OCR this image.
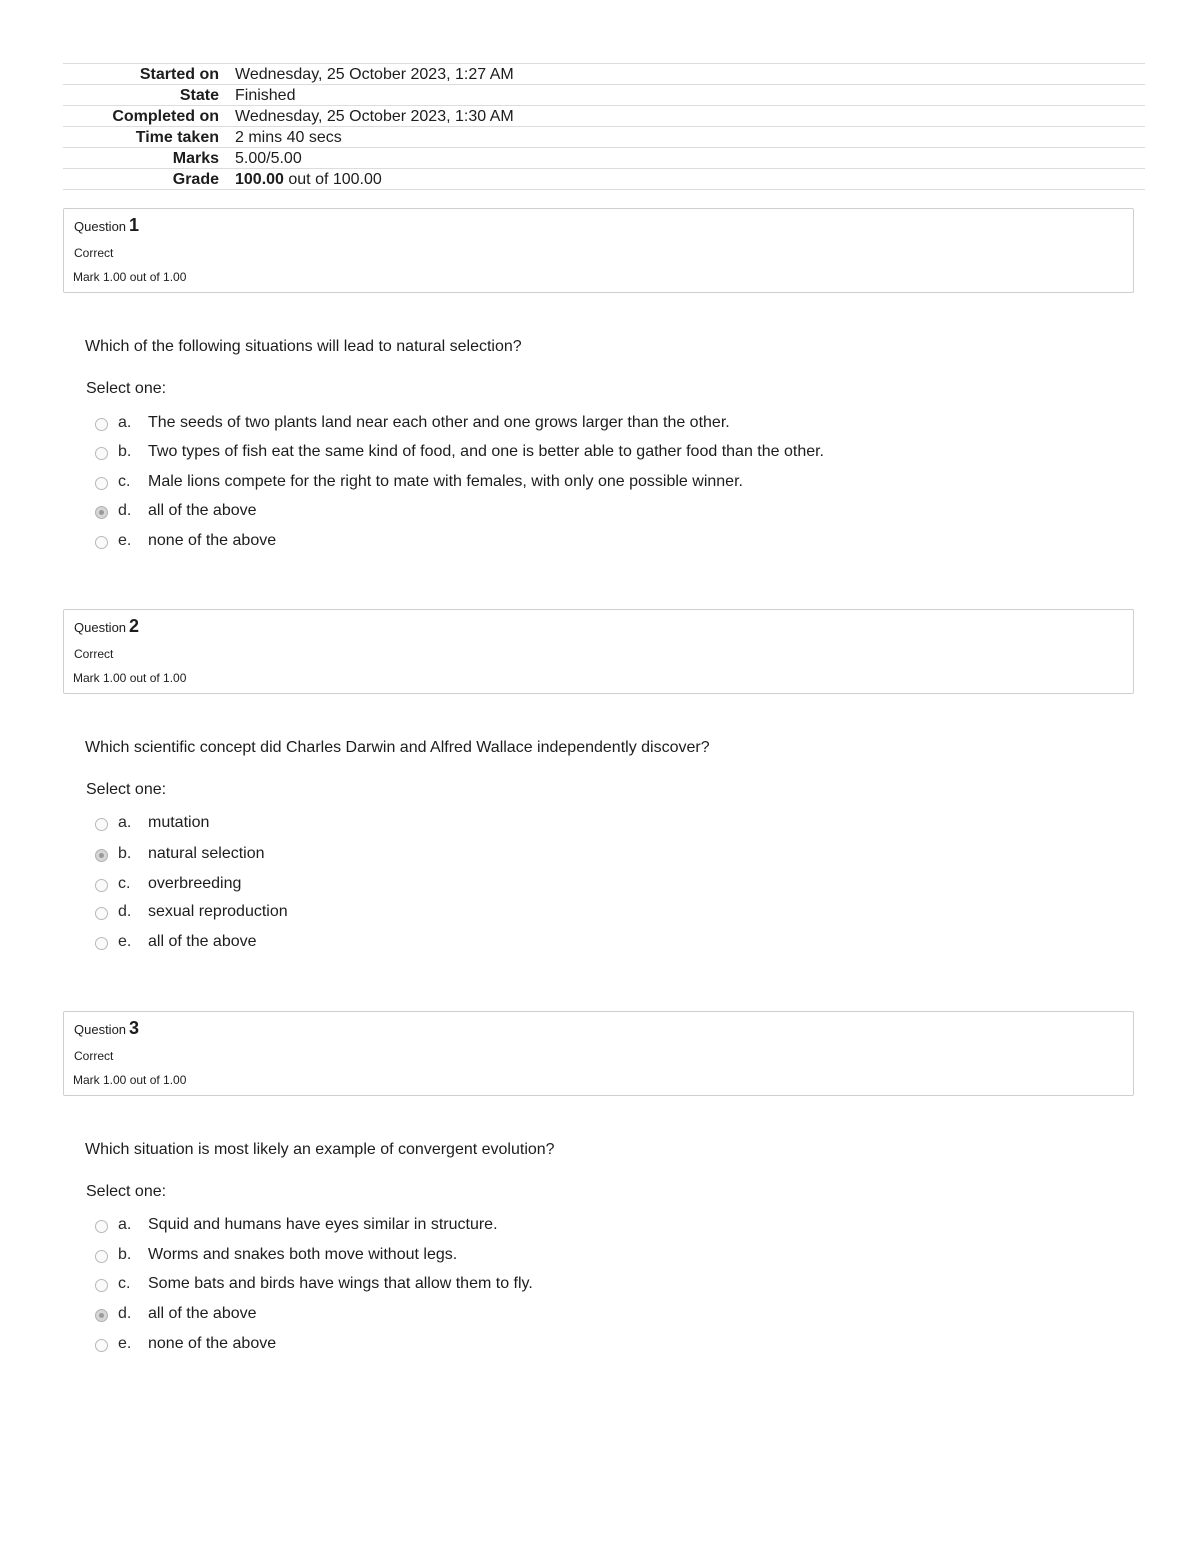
Started on	Wednesday, 25 October 2023, 1:27 AM
State	Finished
Completed on	Wednesday, 25 October 2023, 1:30 AM
Time taken	2 mins 40 secs
Marks	5.00/5.00
Grade	100.00 out of 100.00
Question 1
Correct
Mark 1.00 out of 1.00
Which of the following situations will lead to natural selection?
Select one:
a. The seeds of two plants land near each other and one grows larger than the other.
b. Two types of fish eat the same kind of food, and one is better able to gather food than the other.
c. Male lions compete for the right to mate with females, with only one possible winner.
d. all of the above
e. none of the above
Question 2
Correct
Mark 1.00 out of 1.00
Which scientific concept did Charles Darwin and Alfred Wallace independently discover?
Select one:
a. mutation
b. natural selection
c. overbreeding
d. sexual reproduction
e. all of the above
Question 3
Correct
Mark 1.00 out of 1.00
Which situation is most likely an example of convergent evolution?
Select one:
a. Squid and humans have eyes similar in structure.
b. Worms and snakes both move without legs.
c. Some bats and birds have wings that allow them to fly.
d. all of the above
e. none of the above
